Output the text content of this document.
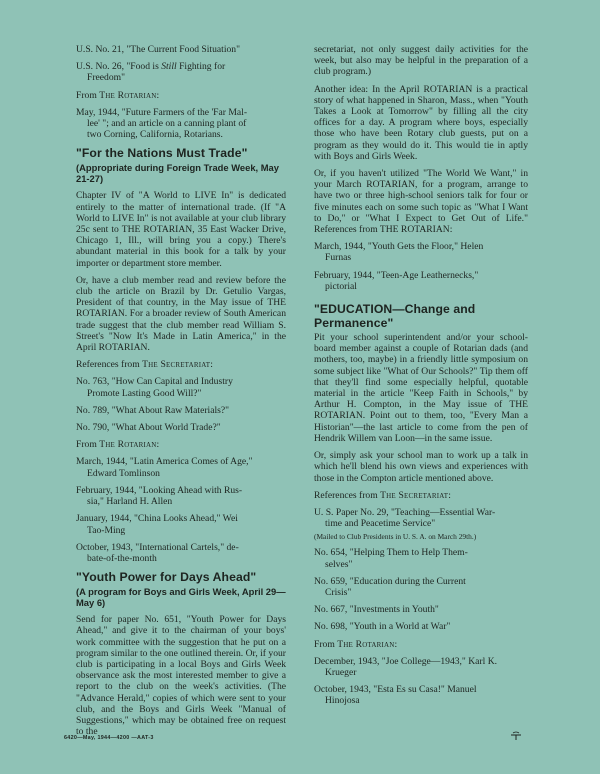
U.S. No. 21, "The Current Food Situation"

U.S. No. 26, "Food is Still Fighting for
Freedom"

From The Rotarian:

May, 1944, "Future Farmers of the 'Far Mal-
lee' "; and an article on a canning plant of
two Corning, California, Rotarians.
"For the Nations Must Trade"
(Appropriate during Foreign Trade Week, May 21-27)

Chapter IV of "A World to LIVE In" is dedicated entirely to the matter of international trade. (If "A World to LIVE In" is not available at your club library 25c sent to THE ROTARIAN, 35 East Wacker Drive, Chicago 1, Ill., will bring you a copy.) There's abundant material in this book for a talk by your importer or department store member.

Or, have a club member read and review before the club the article on Brazil by Dr. Getulio Vargas, President of that country, in the May issue of THE ROTARIAN. For a broader review of South American trade suggest that the club member read William S. Street's "Now It's Made in Latin America," in the April ROTARIAN.

References from The Secretariat:

No. 763, "How Can Capital and Industry
Promote Lasting Good Will?"
No. 789, "What About Raw Materials?"
No. 790, "What About World Trade?"

From The Rotarian:

March, 1944, "Latin America Comes of Age,"
Edward Tomlinson
February, 1944, "Looking Ahead with Rus-
sia," Harland H. Allen
January, 1944, "China Looks Ahead," Wei
Tao-Ming
October, 1943, "International Cartels," de-
bate-of-the-month
"Youth Power for Days Ahead"
(A program for Boys and Girls Week, April 29—May 6)

Send for paper No. 651, "Youth Power for Days Ahead," and give it to the chairman of your boys' work committee with the suggestion that he put on a program similar to the one outlined therein. Or, if your club is participating in a local Boys and Girls Week observance ask the most interested member to give a report to the club on the week's activities. (The "Advance Herald," copies of which were sent to your club, and the Boys and Girls Week "Manual of Suggestions," which may be obtained free on request to the

secretariat, not only suggest daily activities for the week, but also may be helpful in the preparation of a club program.)

Another idea: In the April ROTARIAN is a practical story of what happened in Sharon, Mass., when "Youth Takes a Look at Tomorrow" by filling all the city offices for a day. A program where boys, especially those who have been Rotary club guests, put on a program as they would do it. This would tie in aptly with Boys and Girls Week.

Or, if you haven't utilized "The World We Want," in your March ROTARIAN, for a program, arrange to have two or three high-school seniors talk for four or five minutes each on some such topic as "What I Want to Do," or "What I Expect to Get Out of Life." References from THE ROTARIAN:

March, 1944, "Youth Gets the Floor," Helen
Furnas
February, 1944, "Teen-Age Leathernecks,"
pictorial
"EDUCATION—Change and
Permanence"

Pit your school superintendent and/or your school-board member against a couple of Rotarian dads (and mothers, too, maybe) in a friendly little symposium on some subject like "What of Our Schools?" Tip them off that they'll find some especially helpful, quotable material in the article "Keep Faith in Schools," by Arthur H. Compton, in the May issue of THE ROTARIAN. Point out to them, too, "Every Man a Historian"—the last article to come from the pen of Hendrik Willem van Loon—in the same issue.

Or, simply ask your school man to work up a talk in which he'll blend his own views and experiences with those in the Compton article mentioned above.

References from The Secretariat:

U. S. Paper No. 29, "Teaching—Essential War-
time and Peacetime Service"
(Mailed to Club Presidents in U. S. A. on March 29th.)
No. 654, "Helping Them to Help Them-
selves"
No. 659, "Education during the Current
Crisis"
No. 667, "Investments in Youth"
No. 698, "Youth in a World at War"

From The Rotarian:

December, 1943, "Joe College—1943," Karl K.
Krueger
October, 1943, "Esta Es su Casa!" Manuel
Hinojosa
6420—May, 1944—4200 —AAT-3
